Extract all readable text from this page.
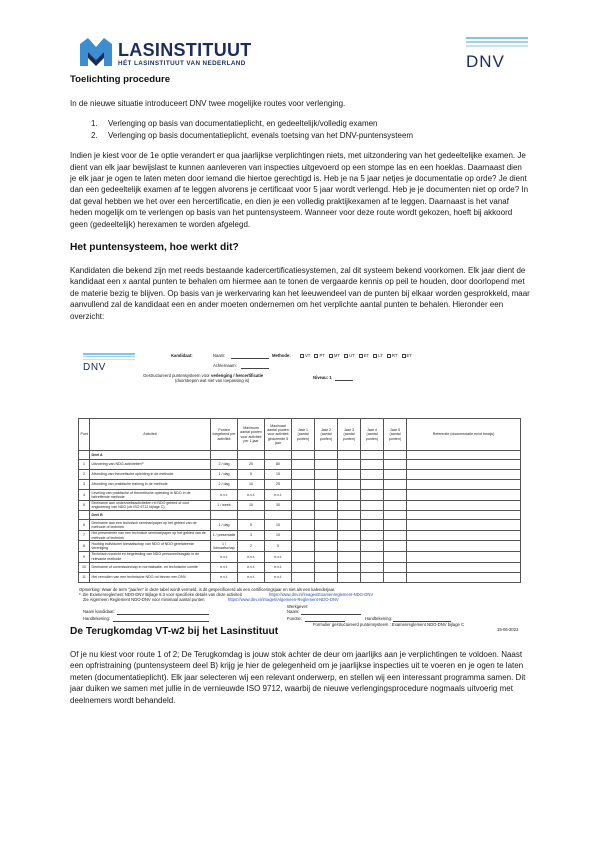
LASINSTITUUT
HÉT LASINSTITUUT VAN NEDERLAND	DNV
Toelichting procedure

In de nieuwe situatie introduceert DNV twee mogelijke routes voor verlenging.

1. Verlenging op basis van documentatieplicht, en gedeeltelijk/volledig examen
2. Verlenging op basis documentatieplicht, evenals toetsing van het DNV-puntensysteem

Indien je kiest voor de 1e optie verandert er qua jaarlijkse verplichtingen niets, met uitzondering van het gedeeltelijke examen. Je dient van elk jaar bewijslast te kunnen aanleveren van inspecties uitgevoerd op een stompe las en een hoeklas. Daarnaast dien je elk jaar je ogen te laten meten door iemand die hiertoe gerechtigd is. Heb je na 5 jaar netjes je documentatie op orde? Je dient dan een gedeeltelijk examen af te leggen alvorens je certificaat voor 5 jaar wordt verlengd. Heb je je documenten niet op orde? In dat geval hebben we het over een hercertificatie, en dien je een volledig praktijkexamen af te leggen. Daarnaast is het vanaf heden mogelijk om te verlengen op basis van het puntensysteem. Wanneer voor deze route wordt gekozen, hoeft bij akkoord geen (gedeeltelijk) herexamen te worden afgelegd.

Het puntensysteem, hoe werkt dit?

Kandidaten die bekend zijn met reeds bestaande kadercertificatiesystemen, zal dit systeem bekend voorkomen. Elk jaar dient de kandidaat een x aantal punten te behalen om hiermee aan te tonen de vergaarde kennis op peil te houden, door doorlopend met de materie bezig te blijven. Op basis van je werkervaring kan het leeuwendeel van de punten bij elkaar worden gesprokkeld, maar aanvullend zal de kandidaat een en ander moeten ondernemen om het verplichte aantal punten te behalen. Hieronder een overzicht:

DNV
Kandidaat:	Naam:	Methode:	VT PT MT UT ET LT RT ET
Achternaam:
Gestructureerd puntensysteem voor verlenging / hercertificatie
(doorstrepen wat niet van toepassing is)
Niveau: 1
Punt	Activiteit	Punten toegekend per activiteit	Maximum aantal punten voor activiteit per 1 jaar	Maximaal aantal punten voor activiteit gedurende 5 jaar	Jaar 1 (aantal punten)	Jaar 2 (aantal punten)	Jaar 3 (aantal punten)	Jaar 4 (aantal punten)	Jaar 5 (aantal punten)	Referentie (documentatie en/of bewijs)
	Deel A									
1	Uitvoering van NDO-activiteiten¹⁾	2 / dag	20	80						
2	Afronding van theoretische opleiding in de methode	1 / dag	5	15						
3	Afronding van praktische training in de methode	2 / dag	10	25						
4	Leveling van praktische of theoretische opleiding in NDO in de betreffende methode	n.v.t.	n.v.t.	n.v.t.						
5	Deelname aan onderzoeksactiviteiten rel NDO gebied of voor engineering van NDO (cfr ISO 9712 bijlage C)	1 / week	10	30						
	Deel B									
6	Deelname aan een technisch seminar/paper op het gebied van de methode of techniek	1 / dag	5	10						
7	Het presenteren van een technisch seminar/paper op het gebied van de methode of techniek	1 / presentatie	3	10						
8	Hoofdig individueel lidmaatschap van NDO of NDO gerelateerde vereniging	1 / lidmaatschap	2	5						
9	Technisch toezicht en begeleiding van NDO personeel/stagiair in de relevante methode	n.v.t.	n.v.t.	n.v.t.						
10	Deelname of commissiechap in normalisatie- en technische comité	n.v.t.	n.v.t.	n.v.t.						
11	Het vervullen van een technische NDO-rol binnen een DNV	n.v.t.	n.v.t.	n.v.t.						
Opmerking: Waar de term "jaar/en" in deze tabel wordt vermeld, is dit gespecificeerd als een certificeringsjaar en niet als een kalenderjaar.
¹⁾ Zie Examenreglement NDO-DNV Bijlage 8.3 voor specifieke details van deze activiteit	https://www.dnv.nl/images/Examenreglement-NDO-DNV
Zie Algemeen Reglement NDO-DNV voor minimaal aantal punten	https://www.dnv.nl/images/Algemeen-Reglement-NDO-DNV
Werkgever:
Naam kandidaat:	Naam:
Handtekening:	Functie:	Handtekening:
Formulier gestructureerd puntensysteem : Examenreglement NDO-DNV bijlage C
15-06-2022
De Terugkomdag VT-w2 bij het Lasinstituut

Of je nu kiest voor route 1 of 2; De Terugkomdag is jouw stok achter de deur om jaarlijks aan je verplichtingen te voldoen. Naast een opfristraining (puntensysteem deel B) krijg je hier de gelegenheid om je jaarlijkse inspecties uit te voeren en je ogen te laten meten (documentatieplicht). Elk jaar selecteren wij een relevant onderwerp, en stellen wij een interessant programma samen. Dit jaar duiken we samen met jullie in de vernieuwde ISO 9712, waarbij de nieuwe verlengingsprocedure nogmaals uitvoerig met deelnemers wordt behandeld.
